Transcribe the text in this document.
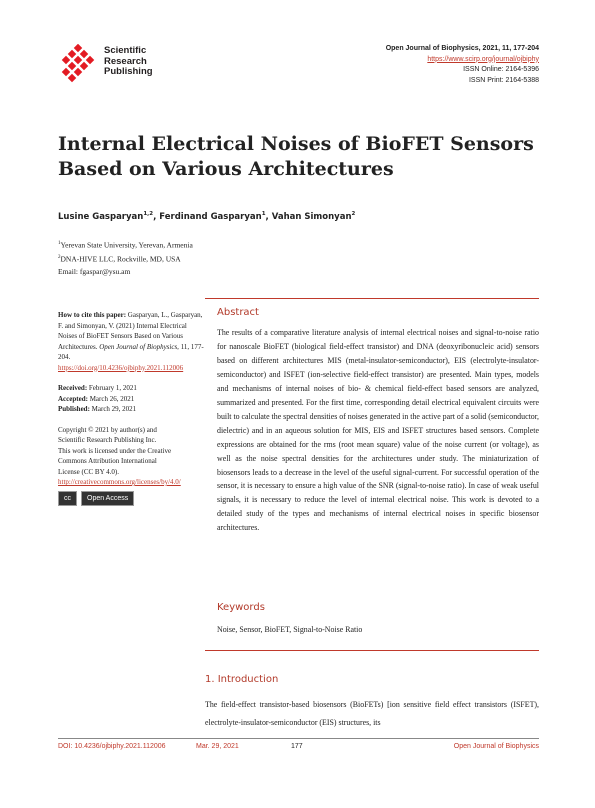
Scientific
Research
Publishing
Open Journal of Biophysics, 2021, 11, 177-204
https://www.scirp.org/journal/ojbiphy
ISSN Online: 2164-5396
ISSN Print: 2164-5388
Internal Electrical Noises of BioFET Sensors
Based on Various Architectures
Lusine Gasparyan$^{1,2}$, Ferdinand Gasparyan$^1$, Vahan Simonyan$^2$
$^1$Yerevan State University, Yerevan, Armenia
$^2$DNA-HIVE LLC, Rockville, MD, USA
Email: fgaspar@ysu.am

How to cite this paper: Gasparyan, L., Gasparyan, F. and Simonyan, V. (2021) Internal Electrical Noises of BioFET Sensors Based on Various Architectures. Open Journal of Biophysics, 11, 177-204.

https://doi.org/10.4236/ojbiphy.2021.112006

Received: February 1, 2021

Accepted: March 26, 2021

Published: March 29, 2021

Copyright © 2021 by author(s) and

Scientific Research Publishing Inc.

This work is licensed under the Creative

Commons Attribution International

License (CC BY 4.0).

http://creativecommons.org/licenses/by/4.0/

cc	Open Access
Abstract
The results of a comparative literature analysis of internal electrical noises and signal-to-noise ratio for nanoscale BioFET (biological field-effect transistor) and DNA (deoxyribonucleic acid) sensors based on different architectures MIS (metal-insulator-semiconductor), EIS (electrolyte-insulator-semiconductor) and ISFET (ion-selective field-effect transistor) are presented. Main types, models and mechanisms of internal noises of bio- & chemical field-effect based sensors are analyzed, summarized and presented. For the first time, corresponding detail electrical equivalent circuits were built to calculate the spectral densities of noises generated in the active part of a solid (semiconductor, dielectric) and in an aqueous solution for MIS, EIS and ISFET structures based sensors. Complete expressions are obtained for the rms (root mean square) value of the noise current (or voltage), as well as the noise spectral densities for the architectures under study. The miniaturization of biosensors leads to a decrease in the level of the useful signal-current. For successful operation of the sensor, it is necessary to ensure a high value of the SNR (signal-to-noise ratio). In case of weak useful signals, it is necessary to reduce the level of internal electrical noise. This work is devoted to a detailed study of the types and mechanisms of internal electrical noises in specific biosensor architectures.
Keywords
Noise, Sensor, BioFET, Signal-to-Noise Ratio
1. Introduction
The field-effect transistor-based biosensors (BioFETs) [ion sensitive field effect transistors (ISFET), electrolyte-insulator-semiconductor (EIS) structures, its
DOI: 10.4236/ojbiphy.2021.112006	Mar. 29, 2021	177	Open Journal of Biophysics
